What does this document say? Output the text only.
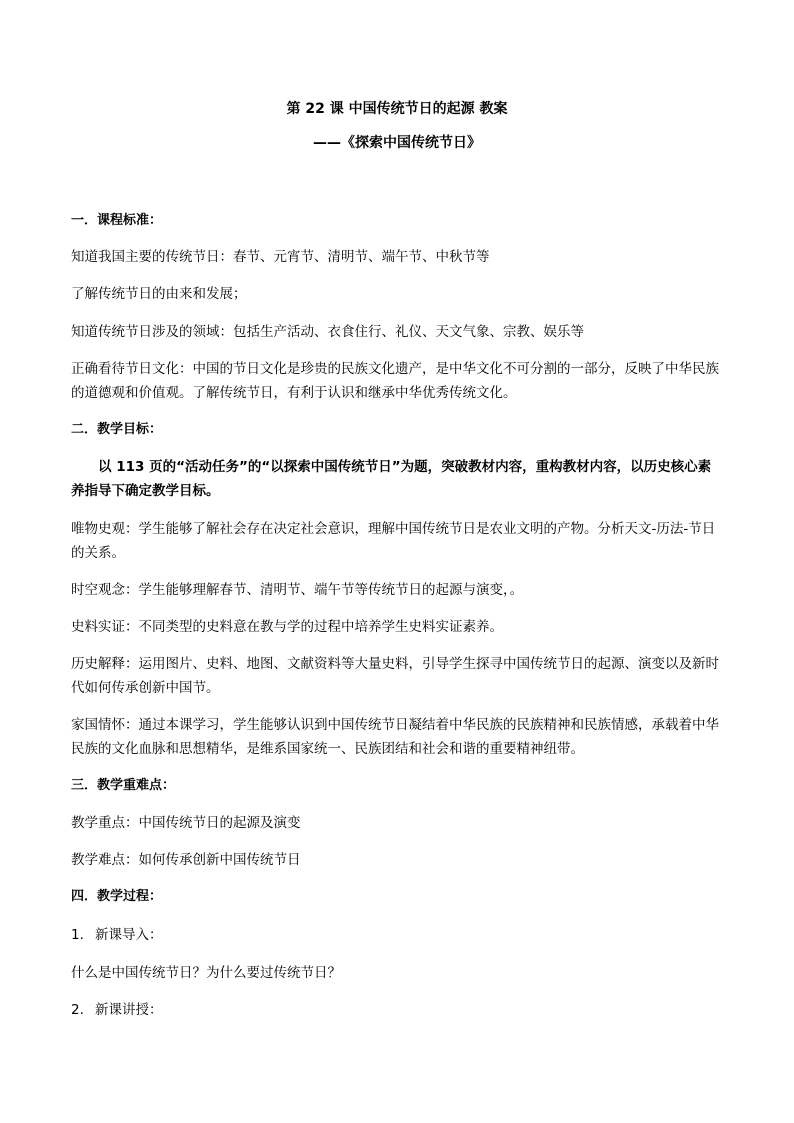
第 22 课 中国传统节日的起源 教案
——《探索中国传统节日》
一．课程标准：
知道我国主要的传统节日：春节、元宵节、清明节、端午节、中秋节等
了解传统节日的由来和发展；
知道传统节日涉及的领域：包括生产活动、衣食住行、礼仪、天文气象、宗教、娱乐等
正确看待节日文化：中国的节日文化是珍贵的民族文化遗产，是中华文化不可分割的一部分，反映了中华民族的道德观和价值观。了解传统节日，有利于认识和继承中华优秀传统文化。
二．教学目标：
以 113 页的“活动任务”的“以探索中国传统节日”为题，突破教材内容，重构教材内容，以历史核心素养指导下确定教学目标。
唯物史观：学生能够了解社会存在决定社会意识，理解中国传统节日是农业文明的产物。分析天文-历法-节日的关系。
时空观念：学生能够理解春节、清明节、端午节等传统节日的起源与演变，。
史料实证：不同类型的史料意在教与学的过程中培养学生史料实证素养。
历史解释：运用图片、史料、地图、文献资料等大量史料，引导学生探寻中国传统节日的起源、演变以及新时代如何传承创新中国节。
家国情怀：通过本课学习，学生能够认识到中国传统节日凝结着中华民族的民族精神和民族情感，承载着中华民族的文化血脉和思想精华，是维系国家统一、民族团结和社会和谐的重要精神纽带。
三．教学重难点：
教学重点：中国传统节日的起源及演变
教学难点：如何传承创新中国传统节日
四．教学过程：
1. 新课导入：
什么是中国传统节日？为什么要过传统节日？
2. 新课讲授：
